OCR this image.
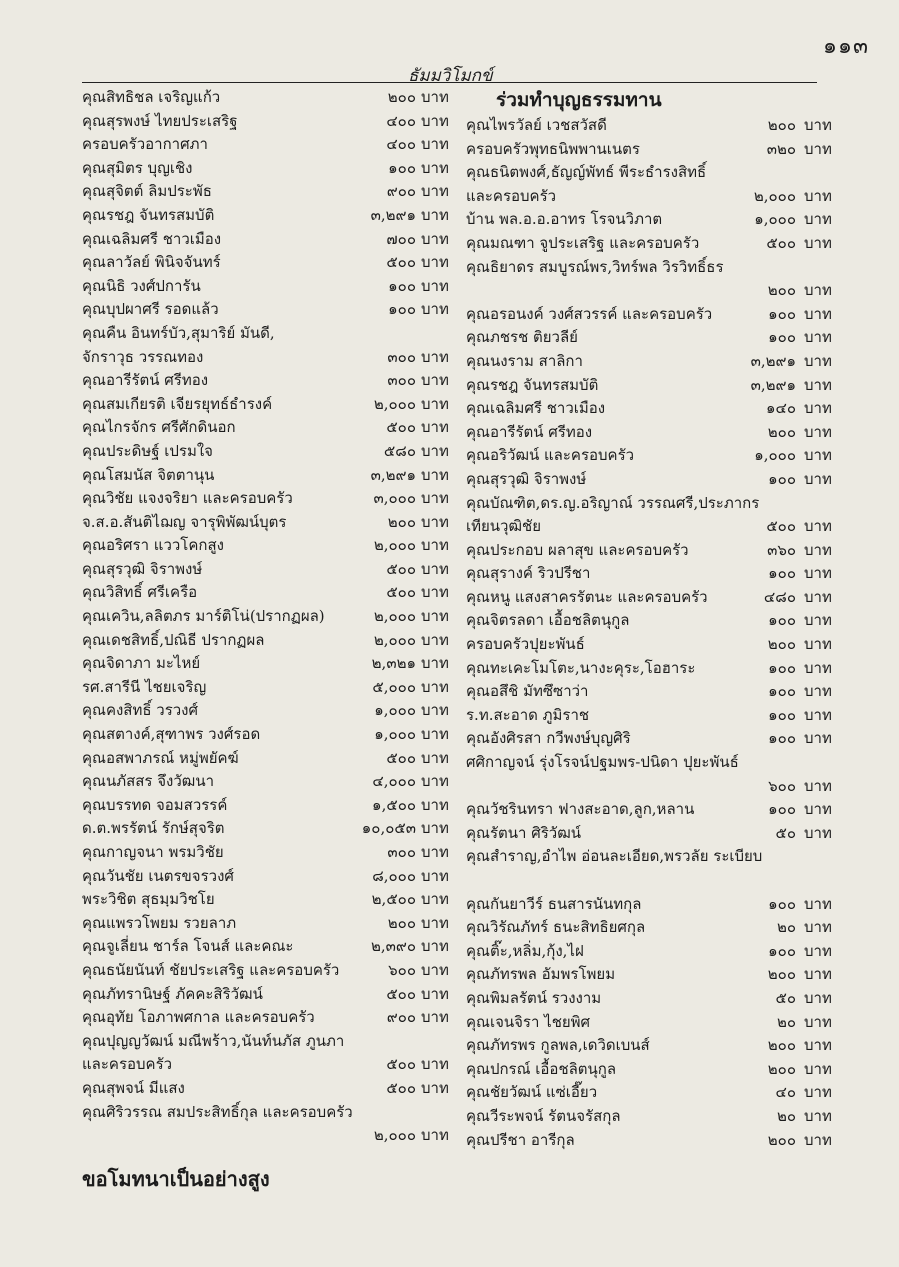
๑๑๓
ธัมมวิโมกข์
คุณสิทธิชล เจริญแก้ว	๒๐๐ บาท
คุณสุรพงษ์ ไทยประเสริฐ	๔๐๐ บาท
ครอบครัวอากาศภา	๔๐๐ บาท
คุณสุมิตร บุญเชิง	๑๐๐ บาท
คุณสุจิตต์ ลิมประพัธ	๙๐๐ บาท
คุณรชฎ จันทรสมบัติ	๓,๒๙๑ บาท
คุณเฉลิมศรี ชาวเมือง	๗๐๐ บาท
คุณลาวัลย์ พินิจจันทร์	๕๐๐ บาท
คุณนิธิ วงศ์ปการัน	๑๐๐ บาท
คุณบุปผาศรี รอดแล้ว	๑๐๐ บาท
คุณคืน อินทร์บัว,สุมาริย์ มันดี,
จักราวุธ วรรณทอง	๓๐๐ บาท
คุณอารีรัตน์ ศรีทอง	๓๐๐ บาท
คุณสมเกียรติ เจียรยุทธ์ธำรงค์	๒,๐๐๐ บาท
คุณไกรจักร ศรีศักดินอก	๕๐๐ บาท
คุณประดิษฐ์ เปรมใจ	๕๘๐ บาท
คุณโสมนัส จิตตานุน	๓,๒๙๑ บาท
คุณวิชัย แจงจริยา และครอบครัว	๓,๐๐๐ บาท
จ.ส.อ.สันติไฌญ จารุพิพัฒน์บุตร	๒๐๐ บาท
คุณอริศรา แววโคกสูง	๒,๐๐๐ บาท
คุณสุรวุฒิ จิราพงษ์	๕๐๐ บาท
คุณวิสิทธิ์ ศรีเครือ	๕๐๐ บาท
คุณเควิน,ลลิตภร มาร์ติโน่(ปรากฏผล)	๒,๐๐๐ บาท
คุณเดชสิทธิ์,ปณิธี ปรากฏผล	๒,๐๐๐ บาท
คุณจิดาภา มะไหย์	๒,๓๒๑ บาท
รศ.สารีนี ไชยเจริญ	๕,๐๐๐ บาท
คุณคงสิทธิ์ วรวงศ์	๑,๐๐๐ บาท
คุณสตางค์,สุฑาพร วงศ์รอด	๑,๐๐๐ บาท
คุณอสพาภรณ์ หมู่พยัคฆ์	๕๐๐ บาท
คุณนภัสสร จึงวัฒนา	๔,๐๐๐ บาท
คุณบรรทด จอมสวรรค์	๑,๕๐๐ บาท
ด.ต.พรรัตน์ รักษ์สุจริต	๑๐,๐๕๓ บาท
คุณกาญจนา พรมวิชัย	๓๐๐ บาท
คุณวันชัย เนตรขจรวงศ์	๘,๐๐๐ บาท
พระวิชิต สุธมฺมวิชโย	๒,๕๐๐ บาท
คุณแพรวโพยม รวยลาภ	๒๐๐ บาท
คุณจูเลี่ยน ชาร์ล โจนส์ และคณะ	๒,๓๙๐ บาท
คุณธนัยนันท์ ชัยประเสริฐ และครอบครัว	๖๐๐ บาท
คุณภัทรานิษฐ์ ภัคคะสิริวัฒน์	๕๐๐ บาท
คุณอุทัย โอภาพศกาล และครอบครัว	๙๐๐ บาท
คุณปุญญวัฒน์ มณีพร้าว,นันท์นภัส ภูนภา
และครอบครัว	๕๐๐ บาท
คุณสุพจน์ มีแสง	๕๐๐ บาท
คุณศิริวรรณ สมประสิทธิ์กุล และครอบครัว
๒,๐๐๐ บาท
ร่วมทำบุญธรรมทาน
คุณไพรวัลย์ เวชสวัสดี	๒๐๐ บาท
ครอบครัวพุทธนิพพานเนตร	๓๒๐ บาท
คุณธนิตพงศ์,ธัญญ์พัทธ์ พีระธำรงสิทธิ์
และครอบครัว	๒,๐๐๐ บาท
บ้าน พล.อ.อ.อาทร โรจนวิภาต	๑,๐๐๐ บาท
คุณมณฑา จูประเสริฐ และครอบครัว	๕๐๐ บาท
คุณธิยาดร สมบูรณ์พร,วิทร์พล วิรวิทธิ์ธร
๒๐๐ บาท
คุณอรอนงค์ วงศ์สวรรค์ และครอบครัว	๑๐๐ บาท
คุณภชรช ติยวลีย์	๑๐๐ บาท
คุณนงราม สาลิกา	๓,๒๙๑ บาท
คุณรชฎ จันทรสมบัติ	๓,๒๙๑ บาท
คุณเฉลิมศรี ชาวเมือง	๑๔๐ บาท
คุณอารีรัตน์ ศรีทอง	๒๐๐ บาท
คุณอริวัฒน์ และครอบครัว	๑,๐๐๐ บาท
คุณสุรวุฒิ จิราพงษ์	๑๐๐ บาท
คุณบัณฑิต,ดร.ญ.อริญาณ์ วรรณศรี,ประภากร
เทียนวุฒิชัย	๕๐๐ บาท
คุณประกอบ ผลาสุข และครอบครัว	๓๖๐ บาท
คุณสุรางค์ ริวปรีชา	๑๐๐ บาท
คุณหนู แสงสาครรัตนะ และครอบครัว	๔๘๐ บาท
คุณจิตรลดา เอื้อชลิตนุกูล	๑๐๐ บาท
ครอบครัวปุยะพันธ์	๒๐๐ บาท
คุณทะเคะโมโตะ,นางะคุระ,โอฮาระ	๑๐๐ บาท
คุณอสึชิ มัทซึซาว่า	๑๐๐ บาท
ร.ท.สะอาด ภูมิราช	๑๐๐ บาท
คุณอังศิรสา กวีพงษ์บุญศิริ	๑๐๐ บาท
ศศิกาญจน์ รุ่งโรจน์ปฐมพร-ปนิดา ปุยะพันธ์
๖๐๐ บาท
คุณวัชรินทรา ฟางสะอาด,ลูก,หลาน	๑๐๐ บาท
คุณรัตนา ศิริวัฒน์	๕๐ บาท
คุณสำราญ,อำไพ อ่อนละเอียด,พรวลัย ระเบียบ
คุณกันยาวีร์ ธนสารนันทกุล	๑๐๐ บาท
คุณวิรัณภัทร์ ธนะสิทธิยศกุล	๒๐ บาท
คุณติ๊ะ,หลิ่ม,กุ้ง,ไฝ	๑๐๐ บาท
คุณภัทรพล อัมพรโพยม	๒๐๐ บาท
คุณพิมลรัตน์ รวงงาม	๕๐ บาท
คุณเจนจิรา ไชยพิศ	๒๐ บาท
คุณภัทรพร กูลพล,เดวิดเบนส์	๒๐๐ บาท
คุณปกรณ์ เอื้อชลิตนุกูล	๒๐๐ บาท
คุณชัยวัฒน์ แซ่เอี๊ยว	๔๐ บาท
คุณวีระพจน์ รัตนจรัสกุล	๒๐ บาท
คุณปรีชา อารีกุล	๒๐๐ บาท
ขอโมทนาเป็นอย่างสูง
